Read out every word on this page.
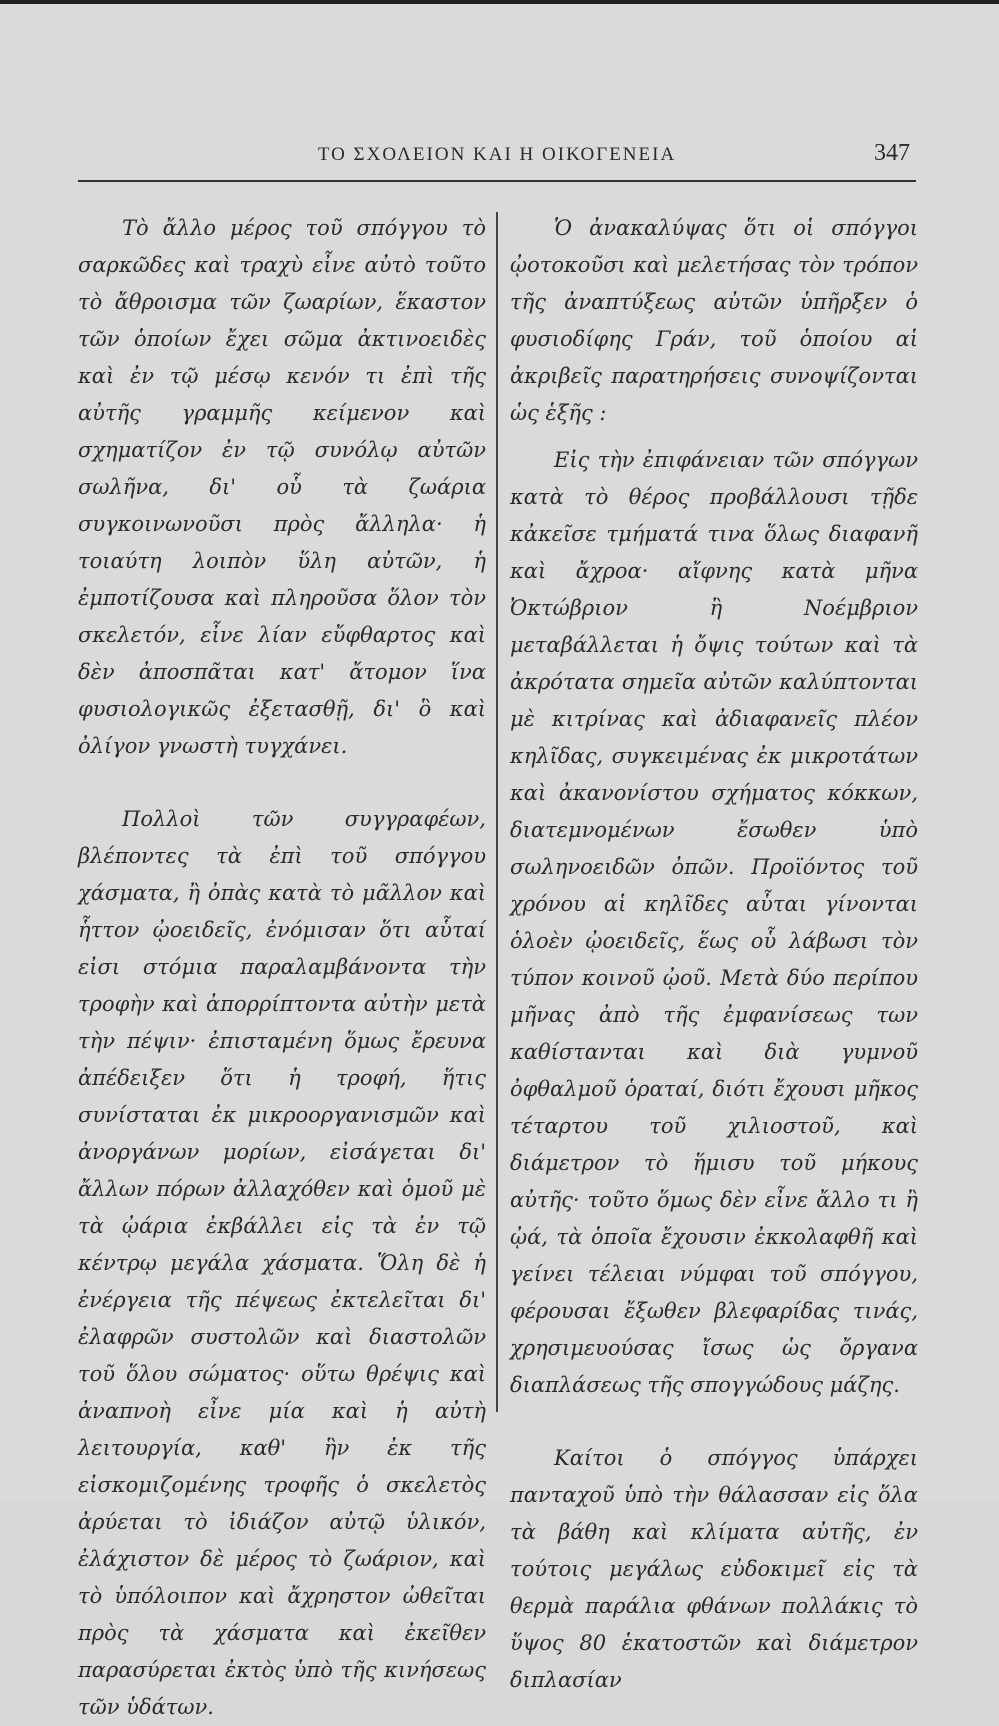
ΤΟ ΣΧΟΛΕΙΟΝ ΚΑΙ Η ΟΙΚΟΓΕΝΕΙΑ	347

Τὸ ἄλλο μέρος τοῦ σπόγγου τὸ σαρκῶδες καὶ τραχὺ εἶνε αὐτὸ τοῦτο τὸ ἄθροισμα τῶν ζωαρίων, ἕκαστον τῶν ὁποίων ἔχει σῶμα ἀκτινοειδὲς καὶ ἐν τῷ μέσῳ κενόν τι ἐπὶ τῆς αὐτῆς γραμμῆς κείμενον καὶ σχηματίζον ἐν τῷ συνόλῳ αὐτῶν σωλῆνα, δι' οὗ τὰ ζωάρια συγκοινωνοῦσι πρὸς ἄλληλα· ἡ τοιαύτη λοιπὸν ὕλη αὐτῶν, ἡ ἐμποτίζουσα καὶ πληροῦσα ὅλον τὸν σκελετόν, εἶνε λίαν εὔφθαρτος καὶ δὲν ἀποσπᾶται κατ' ἄτομον ἵνα φυσιολογικῶς ἐξετασθῇ, δι' ὃ καὶ ὀλίγον γνωστὴ τυγχάνει.

Πολλοὶ τῶν συγγραφέων, βλέποντες τὰ ἐπὶ τοῦ σπόγγου χάσματα, ἢ ὀπὰς κατὰ τὸ μᾶλλον καὶ ἧττον ᾠοειδεῖς, ἐνόμισαν ὅτι αὗταί εἰσι στόμια παραλαμβάνοντα τὴν τροφὴν καὶ ἀπορρίπτοντα αὐτὴν μετὰ τὴν πέψιν· ἐπισταμένη ὅμως ἔρευνα ἀπέδειξεν ὅτι ἡ τροφή, ἥτις συνίσταται ἐκ μικροοργανισμῶν καὶ ἀνοργάνων μορίων, εἰσάγεται δι' ἄλλων πόρων ἀλλαχόθεν καὶ ὁμοῦ μὲ τὰ ᾠάρια ἐκβάλλει εἰς τὰ ἐν τῷ κέντρῳ μεγάλα χάσματα. Ὅλη δὲ ἡ ἐνέργεια τῆς πέψεως ἐκτελεῖται δι' ἐλαφρῶν συστολῶν καὶ διαστολῶν τοῦ ὅλου σώματος· οὕτω θρέψις καὶ ἀναπνοὴ εἶνε μία καὶ ἡ αὐτὴ λειτουργία, καθ' ἣν ἐκ τῆς εἰσκομιζομένης τροφῆς ὁ σκελετὸς ἀρύεται τὸ ἰδιάζον αὐτῷ ὑλικόν, ἐλάχιστον δὲ μέρος τὸ ζωάριον, καὶ τὸ ὑπόλοιπον καὶ ἄχρηστον ὠθεῖται πρὸς τὰ χάσματα καὶ ἐκεῖθεν παρασύρεται ἐκτὸς ὑπὸ τῆς κινήσεως τῶν ὑδάτων.

Ὁ ἀνακαλύψας ὅτι οἱ σπόγγοι ᾠοτοκοῦσι καὶ μελετήσας τὸν τρόπον τῆς ἀναπτύξεως αὐτῶν ὑπῆρξεν ὁ φυσιοδίφης Γράν, τοῦ ὁποίου αἱ ἀκριβεῖς παρατηρήσεις συνοψίζονται ὡς ἑξῆς :

Εἰς τὴν ἐπιφάνειαν τῶν σπόγγων κατὰ τὸ θέρος προβάλλουσι τῇδε κἀκεῖσε τμήματά τινα ὅλως διαφανῆ καὶ ἄχροα· αἴφνης κατὰ μῆνα Ὀκτώβριον ἢ Νοέμβριον μεταβάλλεται ἡ ὄψις τούτων καὶ τὰ ἀκρότατα σημεῖα αὐτῶν καλύπτονται μὲ κιτρίνας καὶ ἀδιαφανεῖς πλέον κηλῖδας, συγκειμένας ἐκ μικροτάτων καὶ ἀκανονίστου σχήματος κόκκων, διατεμνομένων ἔσωθεν ὑπὸ σωληνοειδῶν ὀπῶν. Προϊόντος τοῦ χρόνου αἱ κηλῖδες αὗται γίνονται ὁλοὲν ᾠοειδεῖς, ἕως οὗ λάβωσι τὸν τύπον κοινοῦ ᾠοῦ. Μετὰ δύο περίπου μῆνας ἀπὸ τῆς ἐμφανίσεως των καθίστανται καὶ διὰ γυμνοῦ ὀφθαλμοῦ ὁραταί, διότι ἔχουσι μῆκος τέταρτου τοῦ χιλιοστοῦ, καὶ διάμετρον τὸ ἥμισυ τοῦ μήκους αὐτῆς· τοῦτο ὅμως δὲν εἶνε ἄλλο τι ἢ ᾠά, τὰ ὁποῖα ἔχουσιν ἐκκολαφθῆ καὶ γείνει τέλειαι νύμφαι τοῦ σπόγγου, φέρουσαι ἔξωθεν βλεφαρίδας τινάς, χρησιμευούσας ἴσως ὡς ὄργανα διαπλάσεως τῆς σπογγώδους μάζης.

Καίτοι ὁ σπόγγος ὑπάρχει πανταχοῦ ὑπὸ τὴν θάλασσαν εἰς ὅλα τὰ βάθη καὶ κλίματα αὐτῆς, ἐν τούτοις μεγάλως εὐδοκιμεῖ εἰς τὰ θερμὰ παράλια φθάνων πολλάκις τὸ ὕψος 80 ἑκατοστῶν καὶ διάμετρον διπλασίαν
